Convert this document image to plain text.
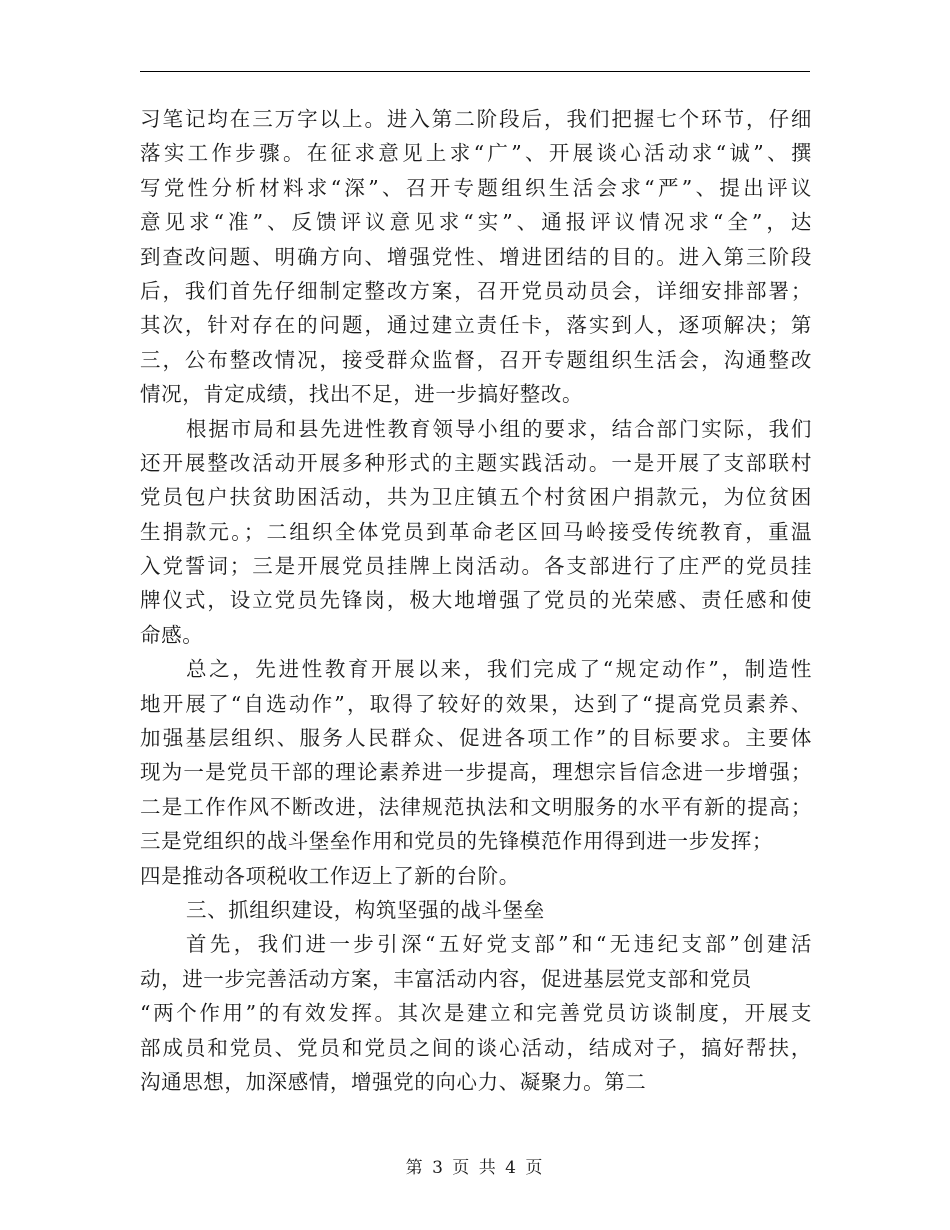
习笔记均在三万字以上。进入第二阶段后，我们把握七个环节，仔细
落实工作步骤。在征求意见上求“广”、开展谈心活动求“诚”、撰
写党性分析材料求“深”、召开专题组织生活会求“严”、提出评议
意见求“准”、反馈评议意见求“实”、通报评议情况求“全”，达
到查改问题、明确方向、增强党性、增进团结的目的。进入第三阶段
后，我们首先仔细制定整改方案，召开党员动员会，详细安排部署；
其次，针对存在的问题，通过建立责任卡，落实到人，逐项解决；第
三，公布整改情况，接受群众监督，召开专题组织生活会，沟通整改
情况，肯定成绩，找出不足，进一步搞好整改。
根据市局和县先进性教育领导小组的要求，结合部门实际，我们
还开展整改活动开展多种形式的主题实践活动。一是开展了支部联村
党员包户扶贫助困活动，共为卫庄镇五个村贫困户捐款元，为位贫困
生捐款元。；二组织全体党员到革命老区回马岭接受传统教育，重温
入党誓词；三是开展党员挂牌上岗活动。各支部进行了庄严的党员挂
牌仪式，设立党员先锋岗，极大地增强了党员的光荣感、责任感和使
命感。
总之，先进性教育开展以来，我们完成了“规定动作”，制造性
地开展了“自选动作”，取得了较好的效果，达到了“提高党员素养、
加强基层组织、服务人民群众、促进各项工作”的目标要求。主要体
现为一是党员干部的理论素养进一步提高，理想宗旨信念进一步增强；
二是工作作风不断改进，法律规范执法和文明服务的水平有新的提高；
三是党组织的战斗堡垒作用和党员的先锋模范作用得到进一步发挥；
四是推动各项税收工作迈上了新的台阶。
三、抓组织建设，构筑坚强的战斗堡垒
首先，我们进一步引深“五好党支部”和“无违纪支部”创建活
动，进一步完善活动方案，丰富活动内容，促进基层党支部和党员
“两个作用”的有效发挥。其次是建立和完善党员访谈制度，开展支
部成员和党员、党员和党员之间的谈心活动，结成对子，搞好帮扶，
沟通思想，加深感情，增强党的向心力、凝聚力。第二
第 3 页 共 4 页
